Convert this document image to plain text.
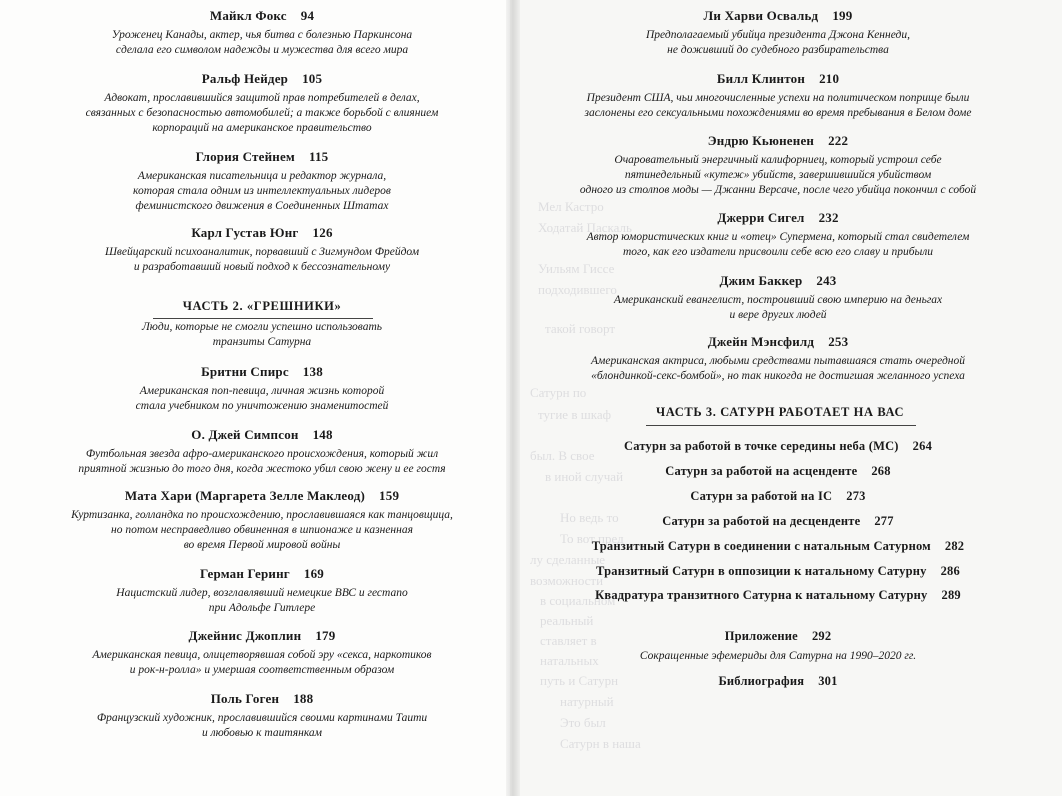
Майкл Фокс 94
Уроженец Канады, актер, чья битва с болезнью Паркинсона
сделала его символом надежды и мужества для всего мира
Ральф Нейдер 105
Адвокат, прославившийся защитой прав потребителей в делах,
связанных с безопасностью автомобилей; а также борьбой с влиянием
корпораций на американское правительство
Глория Стейнем 115
Американская писательница и редактор журнала,
которая стала одним из интеллектуальных лидеров
феминистского движения в Соединенных Штатах
Карл Густав Юнг 126
Швейцарский психоаналитик, порвавший с Зигмундом Фрейдом
и разработавший новый подход к бессознательному
ЧАСТЬ 2. «ГРЕШНИКИ»
Люди, которые не смогли успешно использовать
транзиты Сатурна
Бритни Спирс 138
Американская поп-певица, личная жизнь которой
стала учебником по уничтожению знаменитостей
О. Джей Симпсон 148
Футбольная звезда афро-американского происхождения, который жил
приятной жизнью до того дня, когда жестоко убил свою жену и ее гостя
Мата Хари (Маргарета Зелле Маклеод) 159
Куртизанка, голландка по происхождению, прославившаяся как танцовщица,
но потом несправедливо обвиненная в шпионаже и казненная
во время Первой мировой войны
Герман Геринг 169
Нацистский лидер, возглавлявший немецкие ВВС и гестапо
при Адольфе Гитлере
Джейнис Джоплин 179
Американская певица, олицетворявшая собой эру «секса, наркотиков
и рок-н-ролла» и умершая соответственным образом
Поль Гоген 188
Французский художник, прославившийся своими картинами Таити
и любовью к таитянкам
Мел Кастро
Ходатай Паскаль
Уильям Гиссе
подходившего
такой говорт
Сатурн по
тугие в шкаф
был. В свое
в иной случай
Но ведь то
То вот пред
лу сделанные
возможности
в социальном
реальный
ставляет в
натальных
путь и Сатурн
натурный
Это был
Сатурн в наша
Ли Харви Освальд 199
Предполагаемый убийца президента Джона Кеннеди,
не доживший до судебного разбирательства
Билл Клинтон 210
Президент США, чьи многочисленные успехи на политическом поприще были
заслонены его сексуальными похождениями во время пребывания в Белом доме
Эндрю Кьюненен 222
Очаровательный энергичный калифорниец, который устроил себе
пятинедельный «кутеж» убийств, завершившийся убийством
одного из столпов моды — Джанни Версаче, после чего убийца покончил с собой
Джерри Сигел 232
Автор юмористических книг и «отец» Супермена, который стал свидетелем
того, как его издатели присвоили себе всю его славу и прибыли
Джим Баккер 243
Американский евангелист, построивший свою империю на деньгах
и вере других людей
Джейн Мэнсфилд 253
Американская актриса, любыми средствами пытавшаяся стать очередной
«блондинкой-секс-бомбой», но так никогда не достигшая желанного успеха
ЧАСТЬ 3. САТУРН РАБОТАЕТ НА ВАС
Сатурн за работой в точке середины неба (МС) 264
Сатурн за работой на асценденте 268
Сатурн за работой на IC 273
Сатурн за работой на десценденте 277
Транзитный Сатурн в соединении с натальным Сатурном 282
Транзитный Сатурн в оппозиции к натальному Сатурну 286
Квадратура транзитного Сатурна к натальному Сатурну 289
Приложение 292
Сокращенные эфемериды для Сатурна на 1990–2020 гг.
Библиография 301
